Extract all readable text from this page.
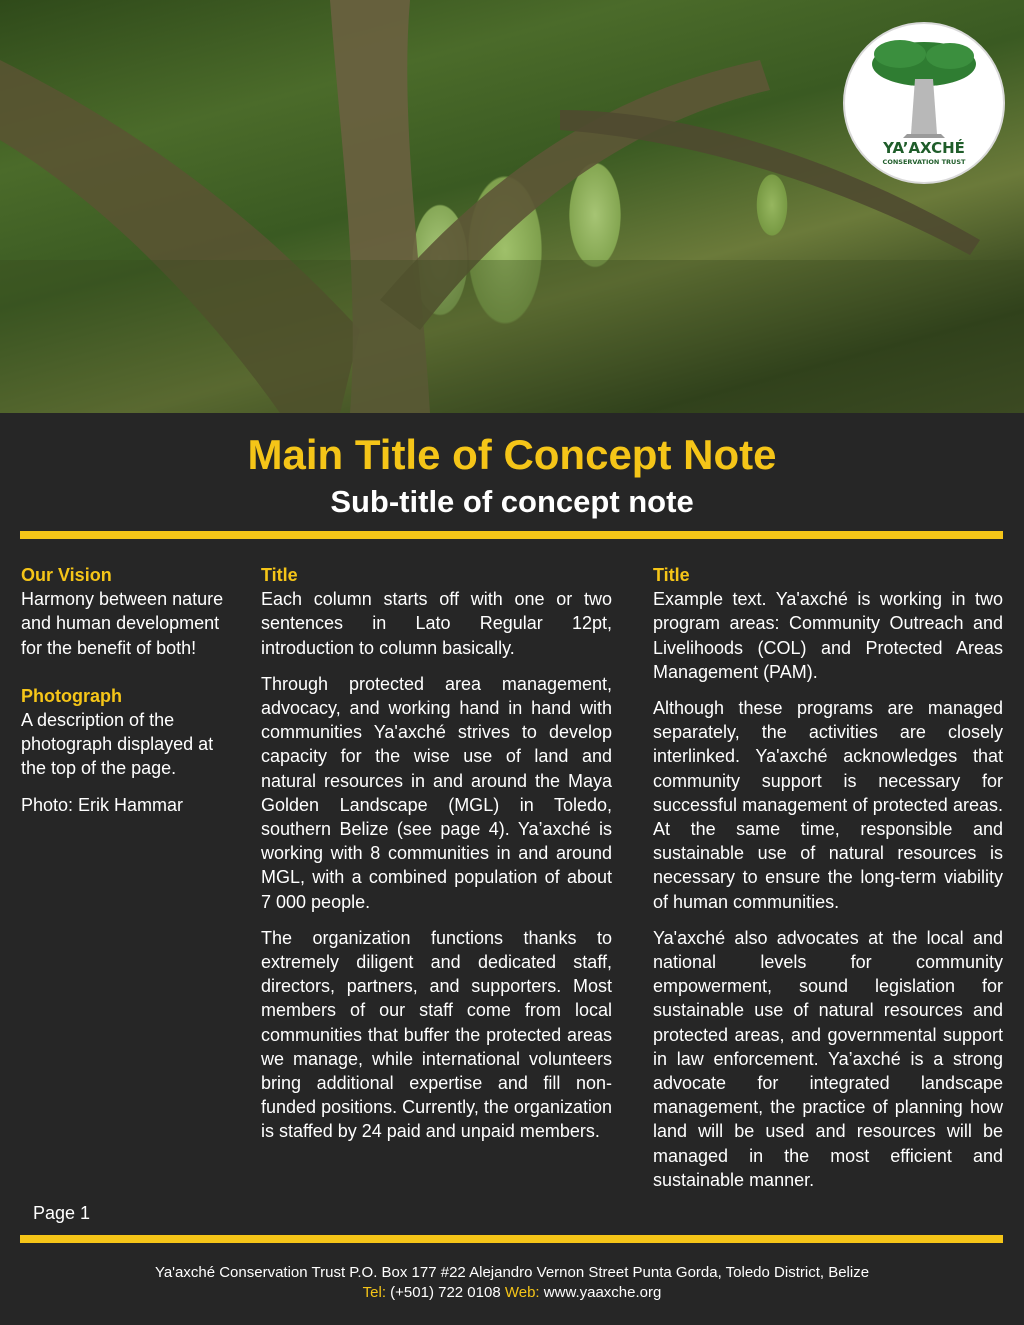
YA’AXCHÉ
CONSERVATION TRUST
Main Title of Concept Note
Sub-title of concept note
Our Vision

Harmony between nature and human development for the benefit of both!

Photograph

A description of the photograph displayed at the top of the page.

Photo: Erik Hammar

Title

Each column starts off with one or two sentences in Lato Regular 12pt, introduction to column basically.

Through protected area management, advocacy, and working hand in hand with communities Ya'axché strives to develop capacity for the wise use of land and natural resources in and around the Maya Golden Landscape (MGL) in Toledo, southern Belize (see page 4). Ya’axché is working with 8 communities in and around MGL, with a combined population of about 7 000 people.

The organization functions thanks to extremely diligent and dedicated staff, directors, partners, and supporters. Most members of our staff come from local communities that buffer the protected areas we manage, while international volunteers bring additional expertise and fill non-funded positions. Currently, the organization is staffed by 24 paid and unpaid members.

Title

Example text. Ya'axché is working in two program areas: Community Outreach and Livelihoods (COL) and Protected Areas Management (PAM).

Although these programs are managed separately, the activities are closely interlinked. Ya'axché acknowledges that community support is necessary for successful management of protected areas. At the same time, responsible and sustainable use of natural resources is necessary to ensure the long-term viability of human communities.

Ya'axché also advocates at the local and national levels for community empowerment, sound legislation for sustainable use of natural resources and protected areas, and governmental support in law enforcement. Ya’axché is a strong advocate for integrated landscape management, the practice of planning how land will be used and resources will be managed in the most efficient and sustainable manner.

Page 1
Ya'axché Conservation Trust P.O. Box 177 #22 Alejandro Vernon Street Punta Gorda, Toledo District, Belize
Tel: (+501) 722 0108 Web: www.yaaxche.org
